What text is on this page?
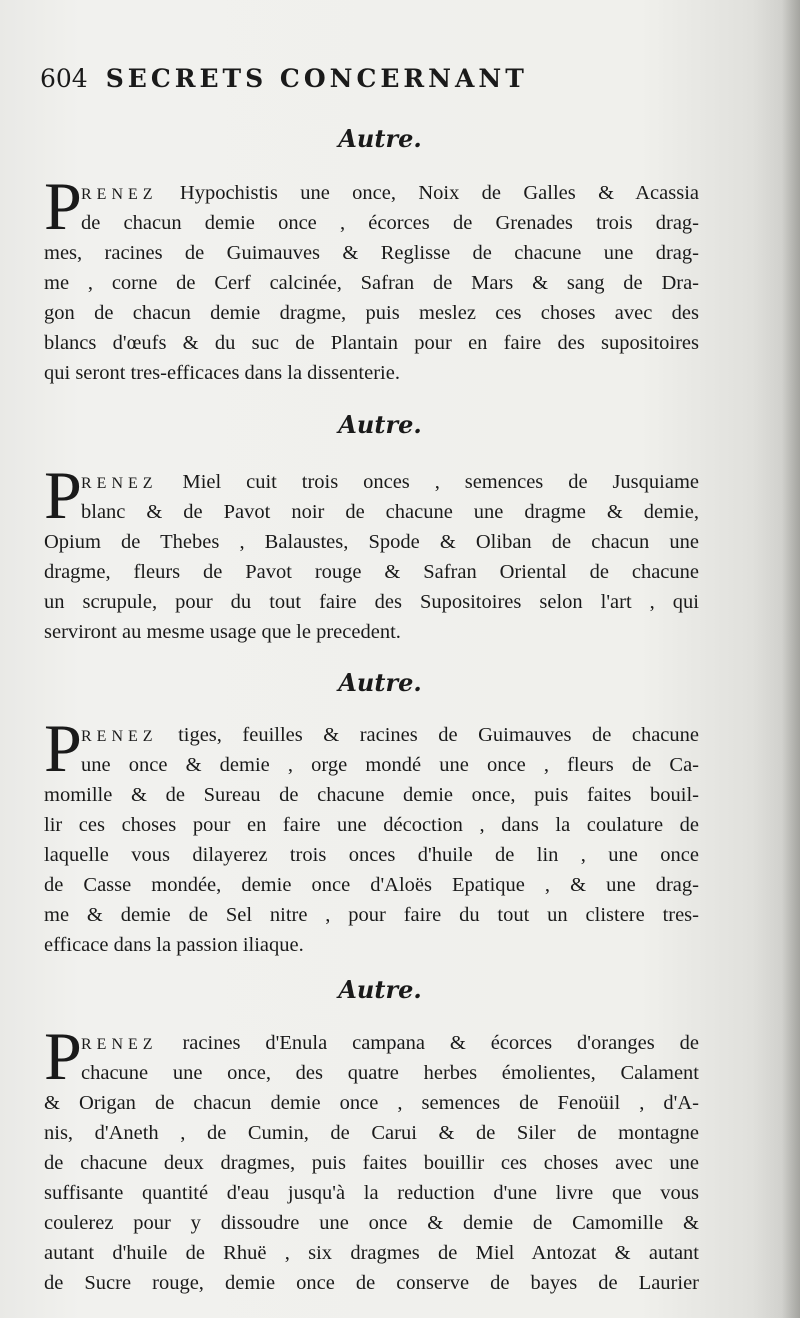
604 SECRETS CONCERNANT
Autre.
P RENEZ Hypochistis une once, Noix de Galles & Acassia
de chacun demie once , écorces de Grenades trois drag-
mes, racines de Guimauves & Reglisse de chacune une drag-
me , corne de Cerf calcinée, Safran de Mars & sang de Dra-
gon de chacun demie dragme, puis meslez ces choses avec des
blancs d'œufs & du suc de Plantain pour en faire des supositoires
qui seront tres-efficaces dans la dissenterie.
Autre.
P RENEZ Miel cuit trois onces , semences de Jusquiame
blanc & de Pavot noir de chacune une dragme & demie,
Opium de Thebes , Balaustes, Spode & Oliban de chacun une
dragme, fleurs de Pavot rouge & Safran Oriental de chacune
un scrupule, pour du tout faire des Supositoires selon l'art , qui
serviront au mesme usage que le precedent.
Autre.
P RENEZ tiges, feuilles & racines de Guimauves de chacune
une once & demie , orge mondé une once , fleurs de Ca-
momille & de Sureau de chacune demie once, puis faites bouil-
lir ces choses pour en faire une décoction , dans la coulature de
laquelle vous dilayerez trois onces d'huile de lin , une once
de Casse mondée, demie once d'Aloës Epatique , & une drag-
me & demie de Sel nitre , pour faire du tout un clistere tres-
efficace dans la passion iliaque.
Autre.
P RENEZ racines d'Enula campana & écorces d'oranges de
chacune une once, des quatre herbes émolientes, Calament
& Origan de chacun demie once , semences de Fenoüil , d'A-
nis, d'Aneth , de Cumin, de Carui & de Siler de montagne
de chacune deux dragmes, puis faites bouillir ces choses avec une
suffisante quantité d'eau jusqu'à la reduction d'une livre que vous
coulerez pour y dissoudre une once & demie de Camomille &
autant d'huile de Rhuë , six dragmes de Miel Antozat & autant
de Sucre rouge, demie once de conserve de bayes de Laurier
